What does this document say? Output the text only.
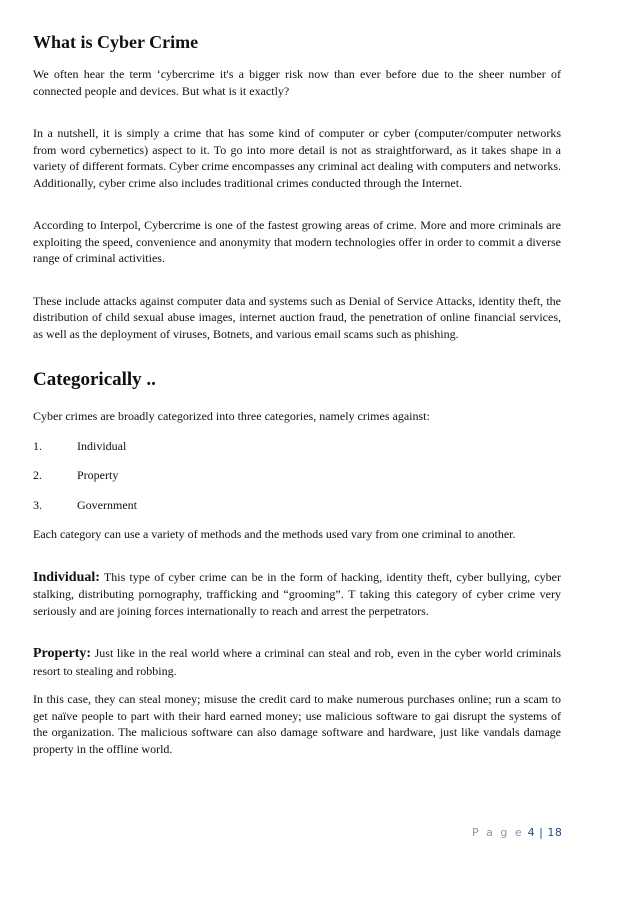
What is Cyber Crime

We often hear the term ‘cybercrime it's a bigger risk now than ever before due to the sheer number of connected people and devices. But what is it exactly?

In a nutshell, it is simply a crime that has some kind of computer or cyber (computer/computer networks from word cybernetics) aspect to it. To go into more detail is not as straightforward, as it takes shape in a variety of different formats. Cyber crime encompasses any criminal act dealing with computers and networks. Additionally, cyber crime also includes traditional crimes conducted through the Internet.

According to Interpol, Cybercrime is one of the fastest growing areas of crime. More and more criminals are exploiting the speed, convenience and anonymity that modern technologies offer in order to commit a diverse range of criminal activities.

These include attacks against computer data and systems such as Denial of Service Attacks, identity theft, the distribution of child sexual abuse images, internet auction fraud, the penetration of online financial services, as well as the deployment of viruses, Botnets, and various email scams such as phishing.

Categorically ..

Cyber crimes are broadly categorized into three categories, namely crimes against:

1.	Individual
2.	Property
3.	Government

Each category can use a variety of methods and the methods used vary from one criminal to another.

Individual: This type of cyber crime can be in the form of hacking, identity theft, cyber bullying, cyber stalking, distributing pornography, trafficking and “grooming”. T taking this category of cyber crime very seriously and are joining forces internationally to reach and arrest the perpetrators.

Property: Just like in the real world where a criminal can steal and rob, even in the cyber world criminals resort to stealing and robbing.

In this case, they can steal money; misuse the credit card to make numerous purchases online; run a scam to get naïve people to part with their hard earned money; use malicious software to gai disrupt the systems of the organization. The malicious software can also damage software and hardware, just like vandals damage property in the offline world.

P a g e 4 | 18
